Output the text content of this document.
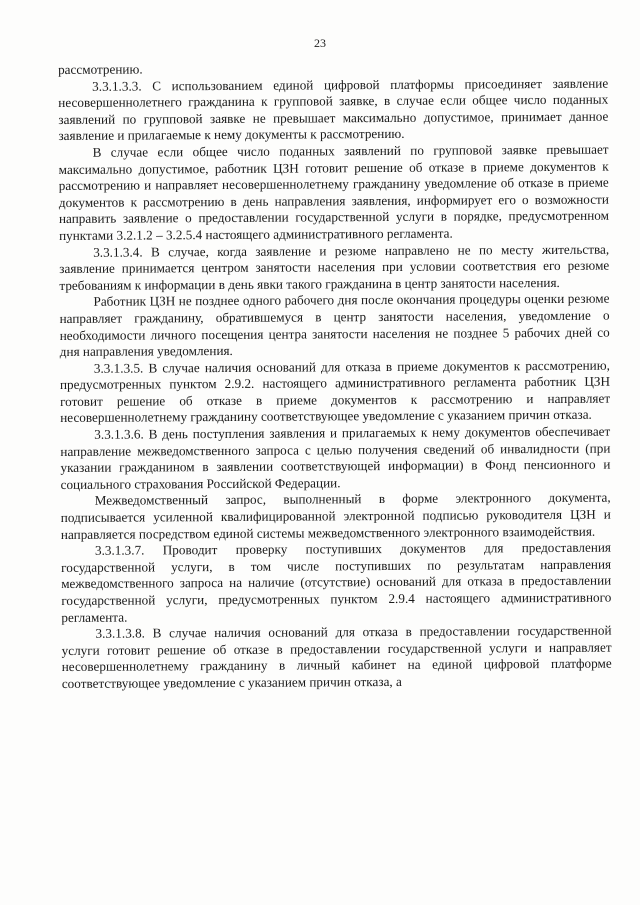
23

рассмотрению.

3.3.1.3.3. С использованием единой цифровой платформы присоединяет заявление несовершеннолетнего гражданина к групповой заявке, в случае если общее число поданных заявлений по групповой заявке не превышает максимально допустимое, принимает данное заявление и прилагаемые к нему документы к рассмотрению.

В случае если общее число поданных заявлений по групповой заявке превышает максимально допустимое, работник ЦЗН готовит решение об отказе в приеме документов к рассмотрению и направляет несовершеннолетнему гражданину уведомление об отказе в приеме документов к рассмотрению в день направления заявления, информирует его о возможности направить заявление о предоставлении государственной услуги в порядке, предусмотренном пунктами 3.2.1.2 – 3.2.5.4 настоящего административного регламента.

3.3.1.3.4. В случае, когда заявление и резюме направлено не по месту жительства, заявление принимается центром занятости населения при условии соответствия его резюме требованиям к информации в день явки такого гражданина в центр занятости населения.

Работник ЦЗН не позднее одного рабочего дня после окончания процедуры оценки резюме направляет гражданину, обратившемуся в центр занятости населения, уведомление о необходимости личного посещения центра занятости населения не позднее 5 рабочих дней со дня направления уведомления.

3.3.1.3.5. В случае наличия оснований для отказа в приеме документов к рассмотрению, предусмотренных пунктом 2.9.2. настоящего административного регламента работник ЦЗН готовит решение об отказе в приеме документов к рассмотрению и направляет несовершеннолетнему гражданину соответствующее уведомление с указанием причин отказа.

3.3.1.3.6. В день поступления заявления и прилагаемых к нему документов обеспечивает направление межведомственного запроса с целью получения сведений об инвалидности (при указании гражданином в заявлении соответствующей информации) в Фонд пенсионного и социального страхования Российской Федерации.

Межведомственный запрос, выполненный в форме электронного документа, подписывается усиленной квалифицированной электронной подписью руководителя ЦЗН и направляется посредством единой системы межведомственного электронного взаимодействия.

3.3.1.3.7. Проводит проверку поступивших документов для предоставления государственной услуги, в том числе поступивших по результатам направления межведомственного запроса на наличие (отсутствие) оснований для отказа в предоставлении государственной услуги, предусмотренных пунктом 2.9.4 настоящего административного регламента.

3.3.1.3.8. В случае наличия оснований для отказа в предоставлении государственной услуги готовит решение об отказе в предоставлении государственной услуги и направляет несовершеннолетнему гражданину в личный кабинет на единой цифровой платформе соответствующее уведомление с указанием причин отказа, а
